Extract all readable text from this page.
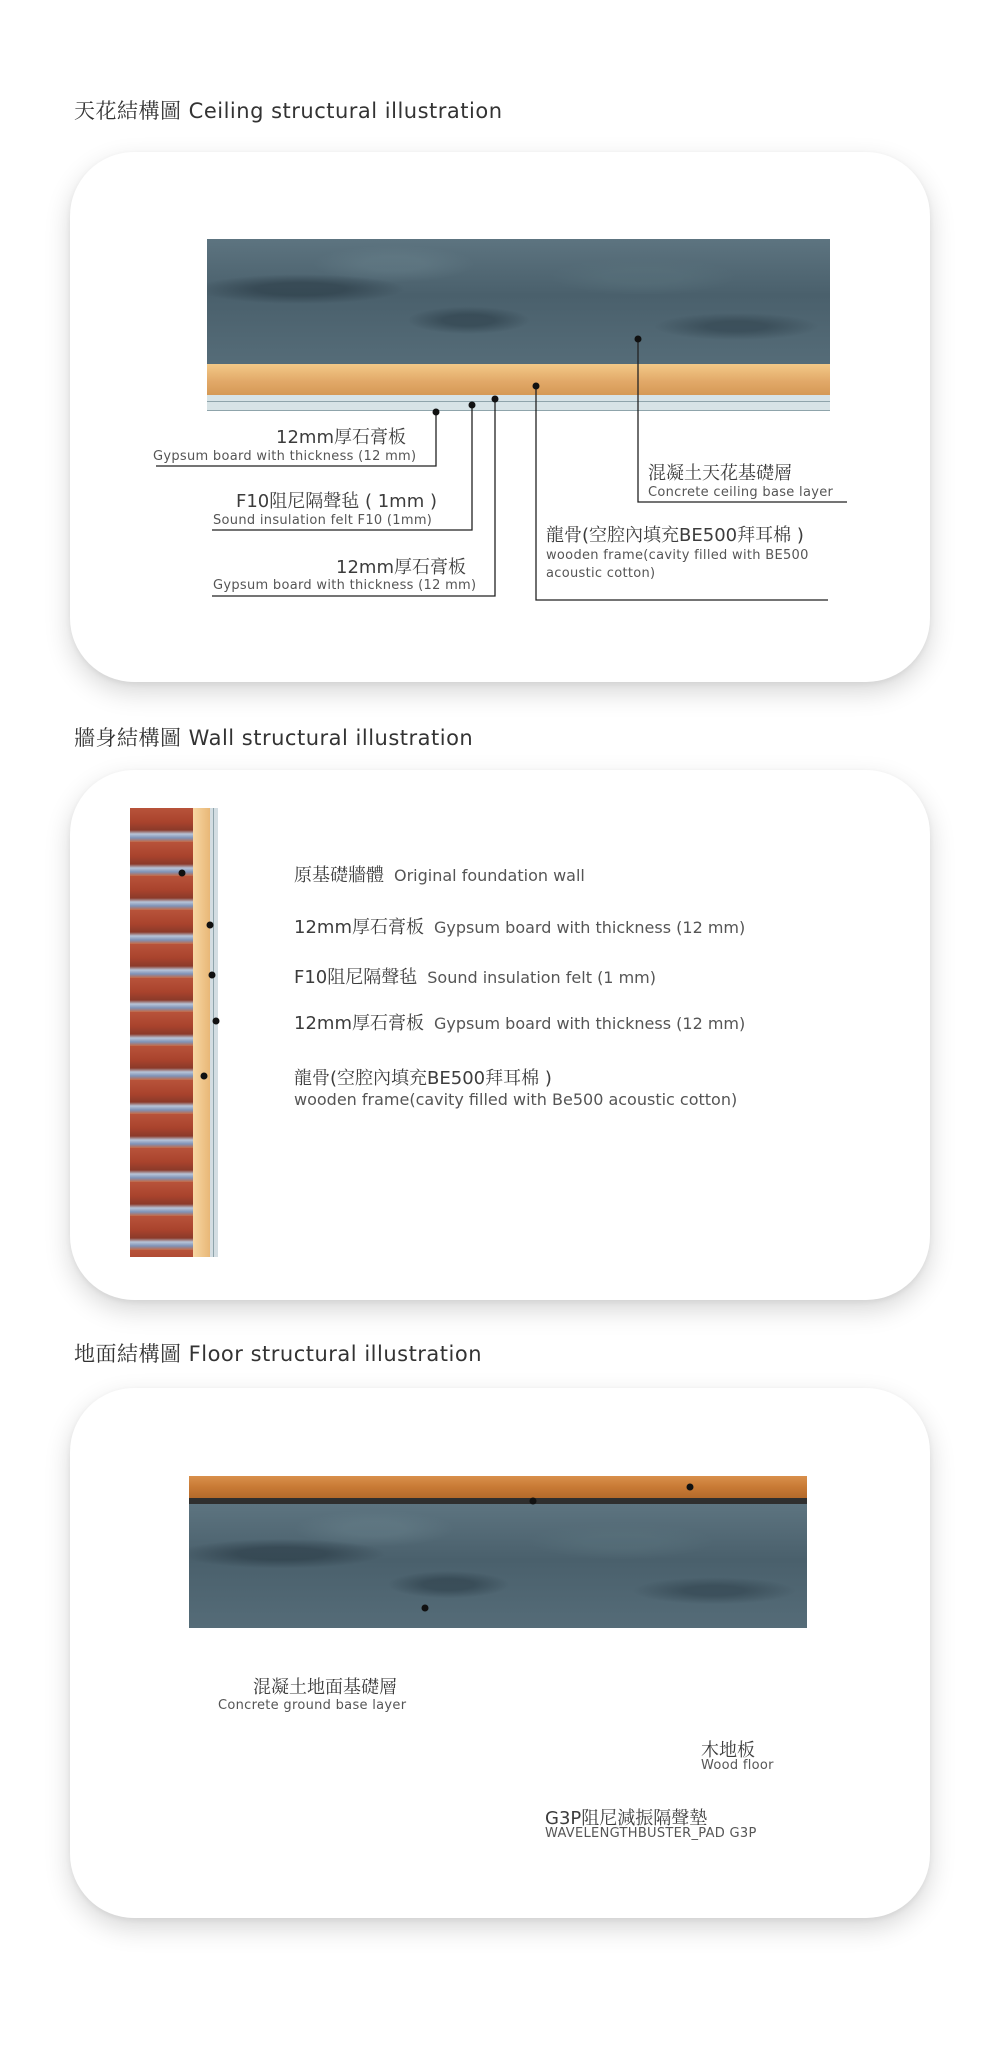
天花結構圖 Ceiling structural illustration
12mm厚石膏板
Gypsum board with thickness (12 mm)
F10阻尼隔聲毡 ( 1mm )
Sound insulation felt F10 (1mm)
12mm厚石膏板
Gypsum board with thickness (12 mm)
混凝土天花基礎層
Concrete ceiling base layer
龍骨(空腔內填充BE500拜耳棉 )
wooden frame(cavity filled with BE500
acoustic cotton)
牆身結構圖 Wall structural illustration
原基礎牆體 Original foundation wall
12mm厚石膏板 Gypsum board with thickness (12 mm)
F10阻尼隔聲毡 Sound insulation felt (1 mm)
12mm厚石膏板 Gypsum board with thickness (12 mm)
龍骨(空腔內填充BE500拜耳棉 )
wooden frame(cavity filled with Be500 acoustic cotton)
地面結構圖 Floor structural illustration
混凝土地面基礎層
Concrete ground base layer
木地板
Wood floor
G3P阻尼減振隔聲墊
WAVELENGTHBUSTER_PAD G3P
